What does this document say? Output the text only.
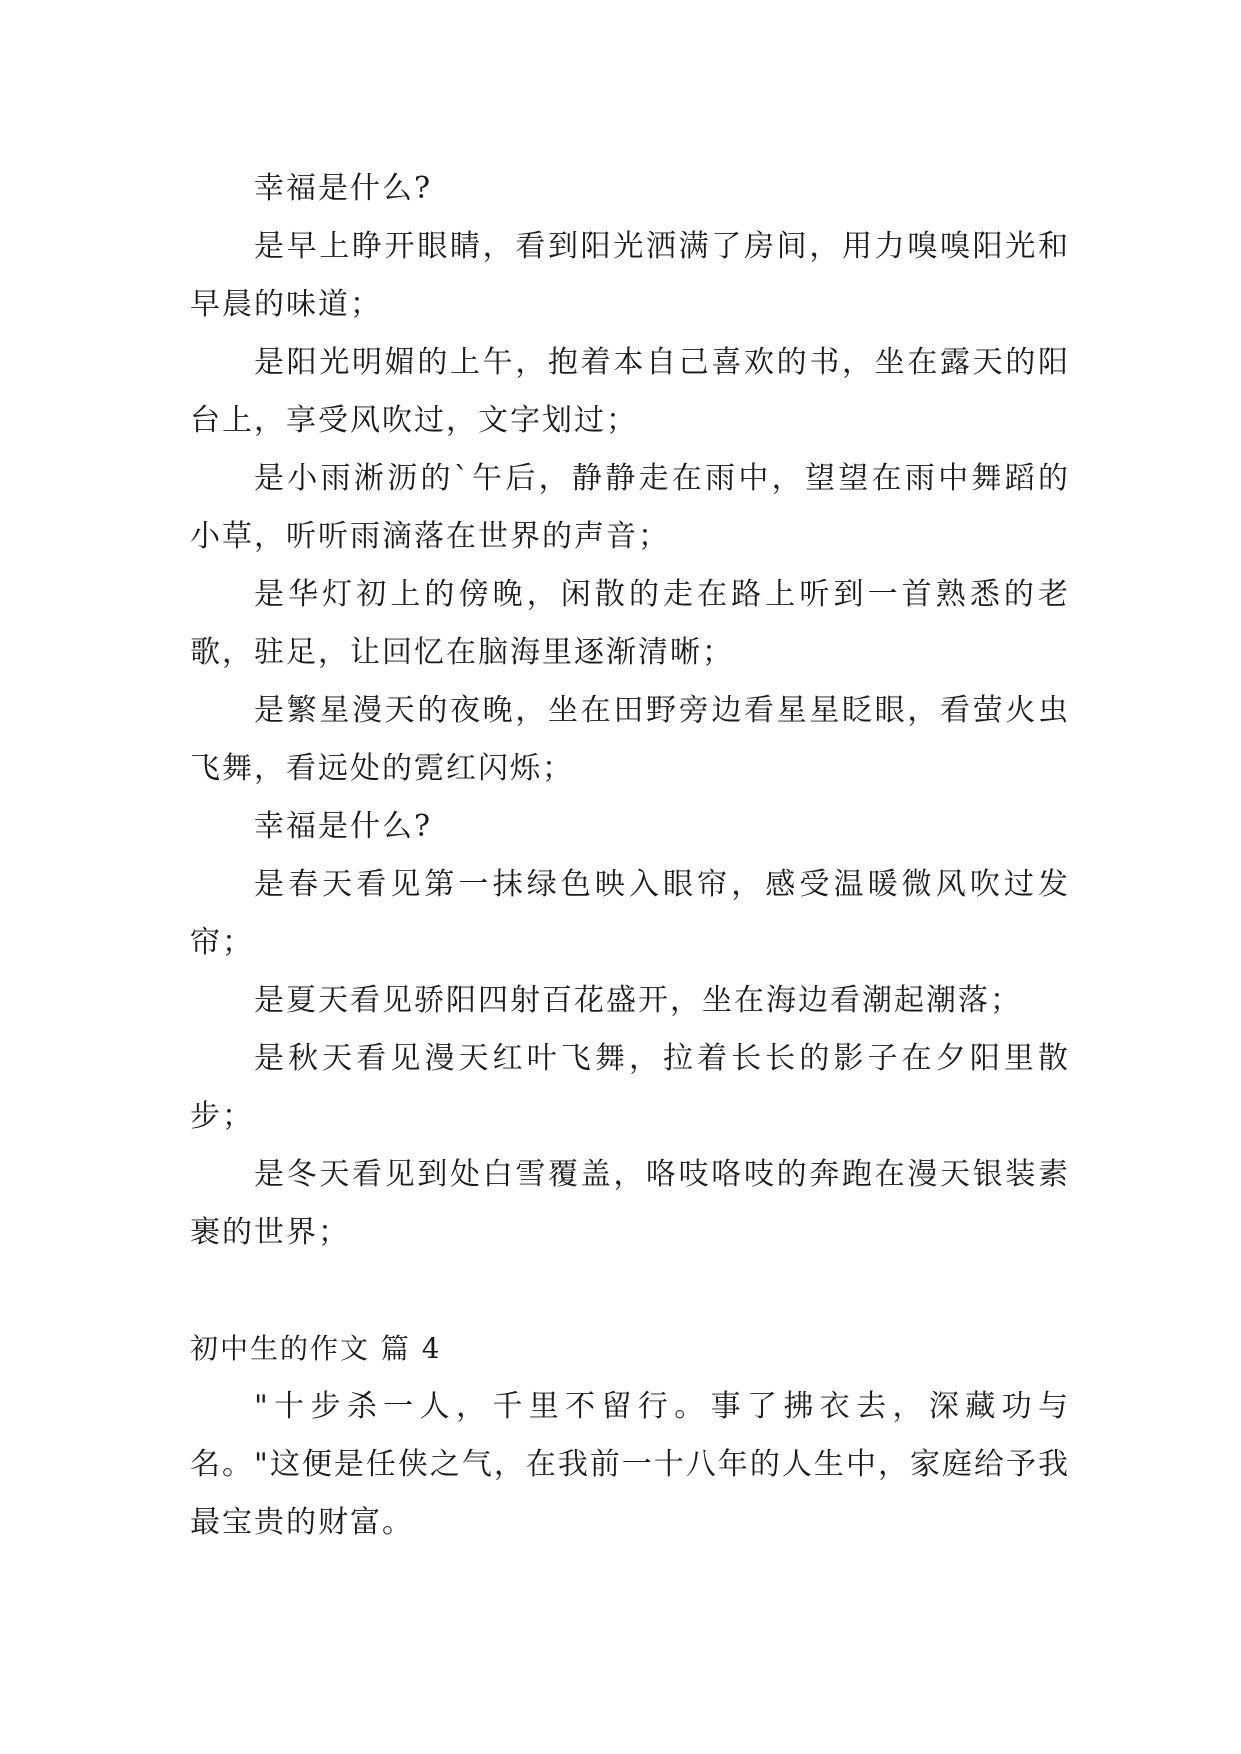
幸福是什么?

是早上睁开眼睛，看到阳光洒满了房间，用力嗅嗅阳光和早晨的味道；

是阳光明媚的上午，抱着本自己喜欢的书，坐在露天的阳台上，享受风吹过，文字划过；

是小雨淅沥的`午后，静静走在雨中，望望在雨中舞蹈的小草，听听雨滴落在世界的声音；

是华灯初上的傍晚，闲散的走在路上听到一首熟悉的老歌，驻足，让回忆在脑海里逐渐清晰；

是繁星漫天的夜晚，坐在田野旁边看星星眨眼，看萤火虫飞舞，看远处的霓红闪烁；

幸福是什么?

是春天看见第一抹绿色映入眼帘，感受温暖微风吹过发帘；

是夏天看见骄阳四射百花盛开，坐在海边看潮起潮落；

是秋天看见漫天红叶飞舞，拉着长长的影子在夕阳里散步；

是冬天看见到处白雪覆盖，咯吱咯吱的奔跑在漫天银装素裹的世界；

初中生的作文 篇 4

"十步杀一人，千里不留行。事了拂衣去，深藏功与名。"这便是任侠之气，在我前一十八年的人生中，家庭给予我最宝贵的财富。
